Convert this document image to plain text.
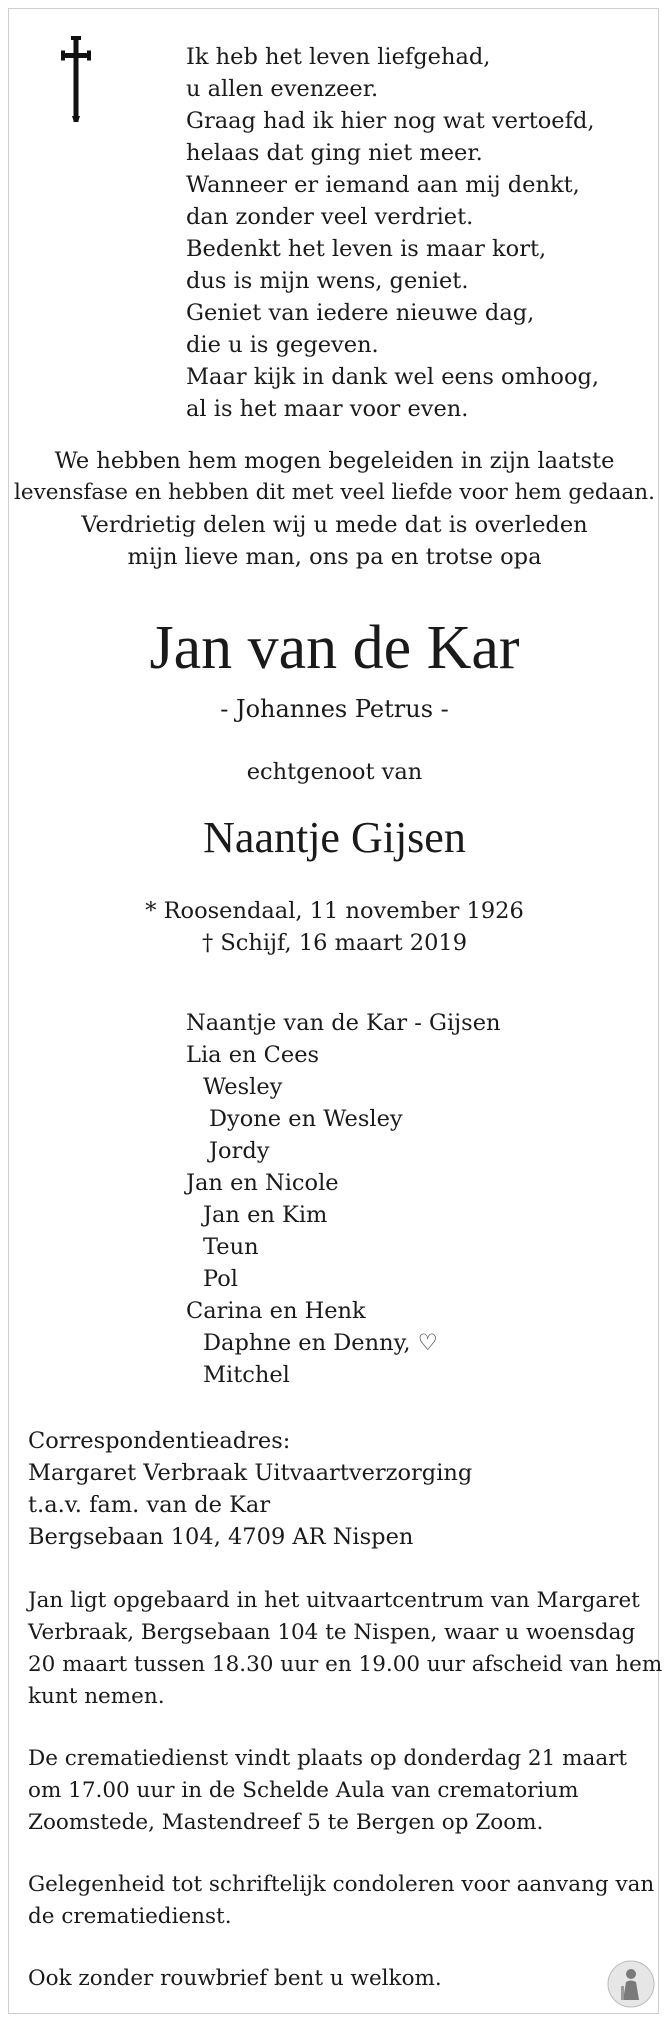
Ik heb het leven liefgehad,
u allen evenzeer.
Graag had ik hier nog wat vertoefd,
helaas dat ging niet meer.
Wanneer er iemand aan mij denkt,
dan zonder veel verdriet.
Bedenkt het leven is maar kort,
dus is mijn wens, geniet.
Geniet van iedere nieuwe dag,
die u is gegeven.
Maar kijk in dank wel eens omhoog,
al is het maar voor even.
We hebben hem mogen begeleiden in zijn laatste
levensfase en hebben dit met veel liefde voor hem gedaan.
Verdrietig delen wij u mede dat is overleden
mijn lieve man, ons pa en trotse opa
Jan van de Kar
- Johannes Petrus -
echtgenoot van
Naantje Gijsen
* Roosendaal, 11 november 1926
† Schijf, 16 maart 2019
Naantje van de Kar - Gijsen
Lia en Cees
Wesley
Dyone en Wesley
Jordy
Jan en Nicole
Jan en Kim
Teun
Pol
Carina en Henk
Daphne en Denny, ♡
Mitchel
Correspondentieadres:
Margaret Verbraak Uitvaartverzorging
t.a.v. fam. van de Kar
Bergsebaan 104, 4709 AR Nispen
Jan ligt opgebaard in het uitvaartcentrum van Margaret
Verbraak, Bergsebaan 104 te Nispen, waar u woensdag
20 maart tussen 18.30 uur en 19.00 uur afscheid van hem
kunt nemen.
De crematiedienst vindt plaats op donderdag 21 maart
om 17.00 uur in de Schelde Aula van crematorium
Zoomstede, Mastendreef 5 te Bergen op Zoom.
Gelegenheid tot schriftelijk condoleren voor aanvang van
de crematiedienst.
Ook zonder rouwbrief bent u welkom.
